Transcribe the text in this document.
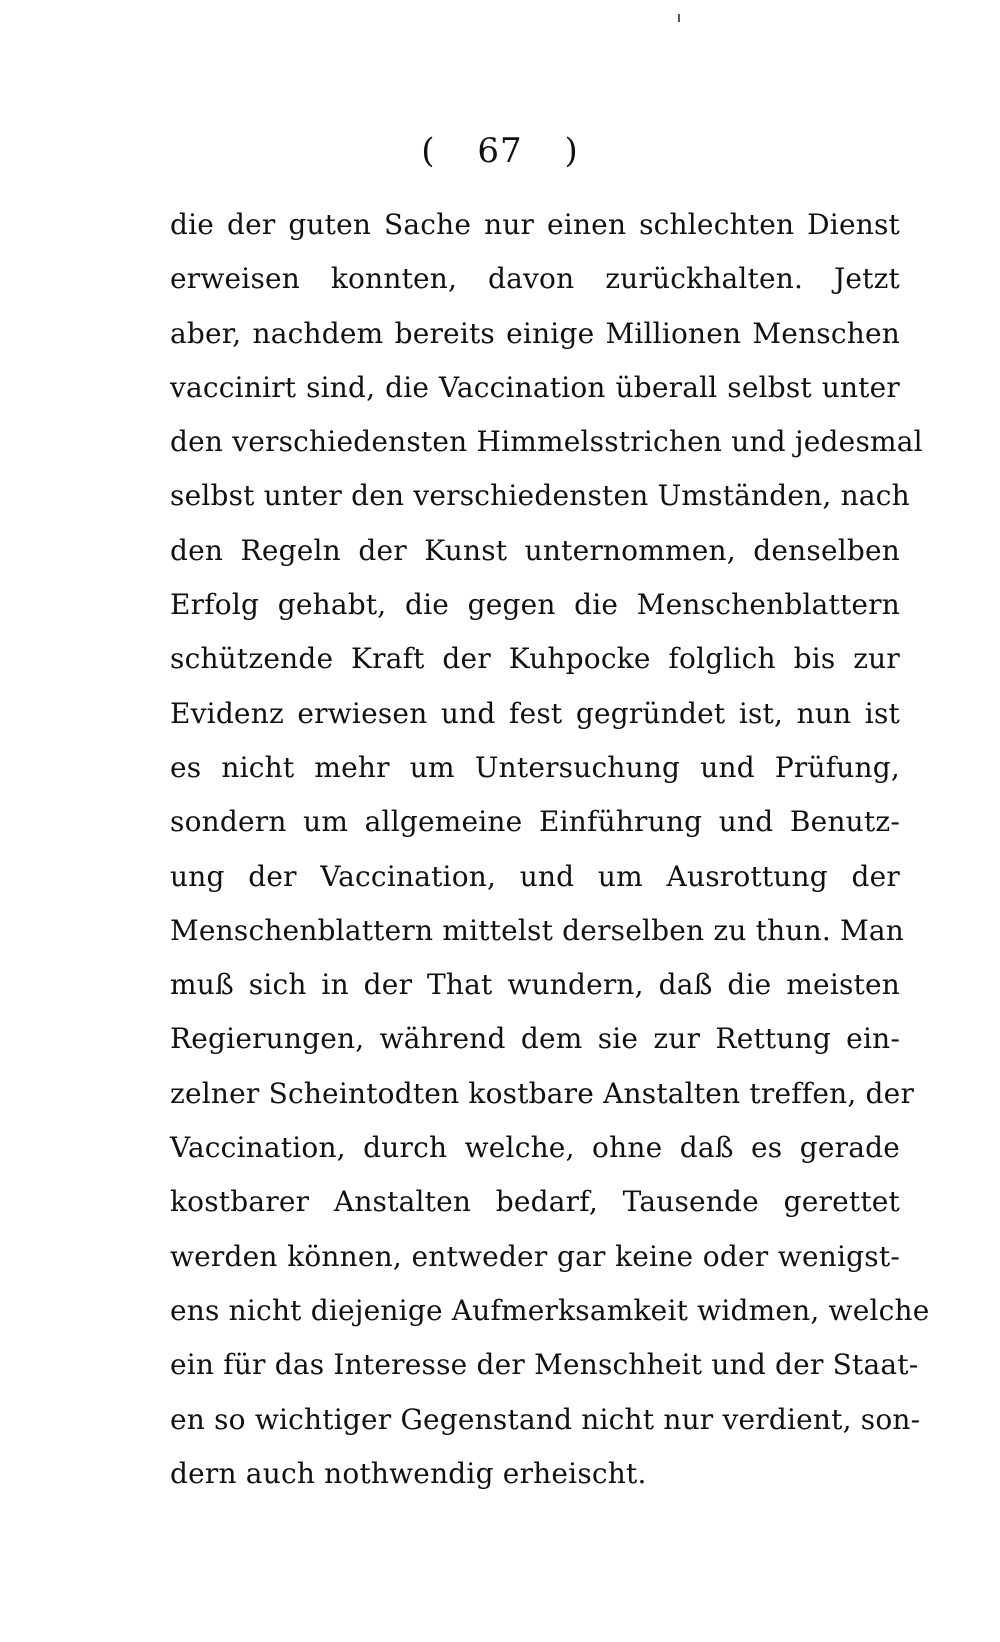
( 67 )
die der guten Sache nur einen schlechten Dienst
erweisen konnten, davon zurückhalten. Jetzt
aber, nachdem bereits einige Millionen Menschen
vaccinirt sind, die Vaccination überall selbst unter
den verschiedensten Himmelsstrichen und jedesmal
selbst unter den verschiedensten Umständen, nach
den Regeln der Kunst unternommen, denselben
Erfolg gehabt, die gegen die Menschenblattern
schützende Kraft der Kuhpocke folglich bis zur
Evidenz erwiesen und fest gegründet ist, nun ist
es nicht mehr um Untersuchung und Prüfung,
sondern um allgemeine Einführung und Benutz-
ung der Vaccination, und um Ausrottung der
Menschenblattern mittelst derselben zu thun. Man
muß sich in der That wundern, daß die meisten
Regierungen, während dem sie zur Rettung ein-
zelner Scheintodten kostbare Anstalten treffen, der
Vaccination, durch welche, ohne daß es gerade
kostbarer Anstalten bedarf, Tausende gerettet
werden können, entweder gar keine oder wenigst-
ens nicht diejenige Aufmerksamkeit widmen, welche
ein für das Interesse der Menschheit und der Staat-
en so wichtiger Gegenstand nicht nur verdient, son-
dern auch nothwendig erheischt.
